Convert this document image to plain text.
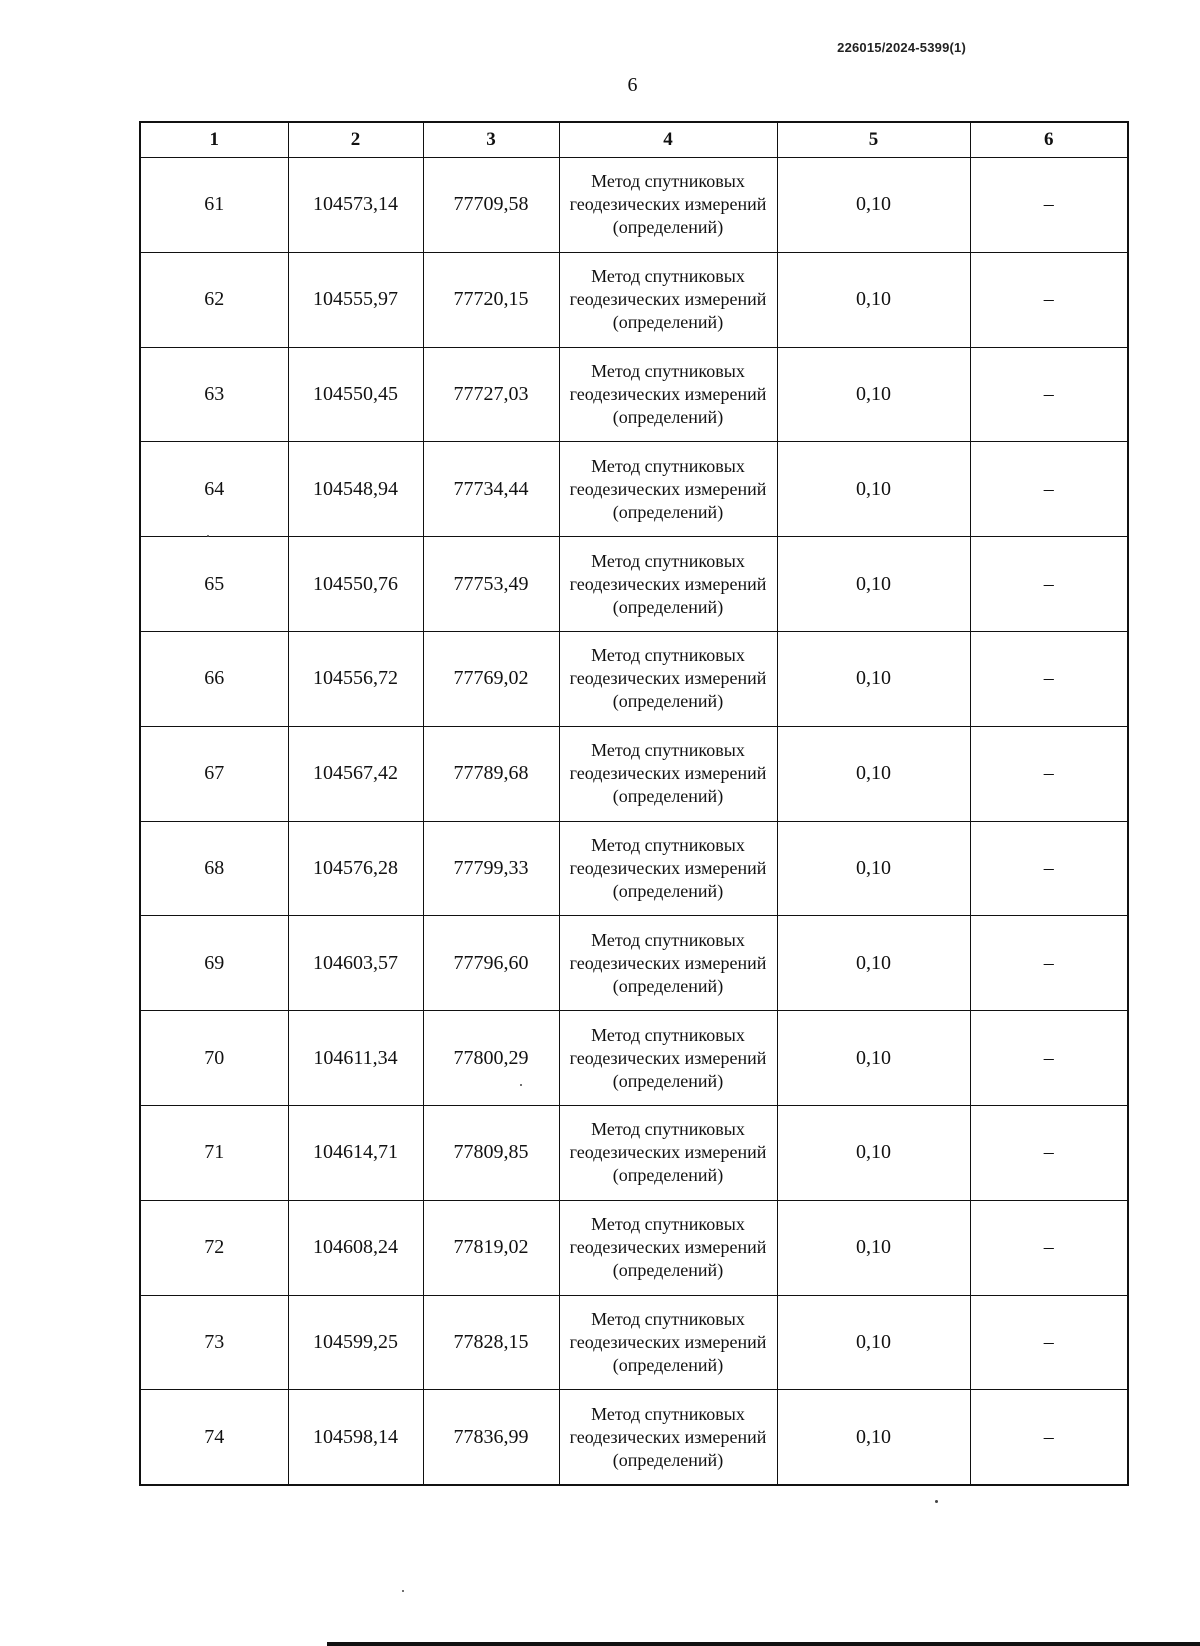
226015/2024-5399(1)
6
1	2	3	4	5	6
61	104573,14	77709,58	Метод спутниковых геодезических измерений (определений)	0,10	–
62	104555,97	77720,15	Метод спутниковых геодезических измерений (определений)	0,10	–
63	104550,45	77727,03	Метод спутниковых геодезических измерений (определений)	0,10	–
64	104548,94	77734,44	Метод спутниковых геодезических измерений (определений)	0,10	–
65	104550,76	77753,49	Метод спутниковых геодезических измерений (определений)	0,10	–
66	104556,72	77769,02	Метод спутниковых геодезических измерений (определений)	0,10	–
67	104567,42	77789,68	Метод спутниковых геодезических измерений (определений)	0,10	–
68	104576,28	77799,33	Метод спутниковых геодезических измерений (определений)	0,10	–
69	104603,57	77796,60	Метод спутниковых геодезических измерений (определений)	0,10	–
70	104611,34	77800,29	Метод спутниковых геодезических измерений (определений)	0,10	–
71	104614,71	77809,85	Метод спутниковых геодезических измерений (определений)	0,10	–
72	104608,24	77819,02	Метод спутниковых геодезических измерений (определений)	0,10	–
73	104599,25	77828,15	Метод спутниковых геодезических измерений (определений)	0,10	–
74	104598,14	77836,99	Метод спутниковых геодезических измерений (определений)	0,10	–
